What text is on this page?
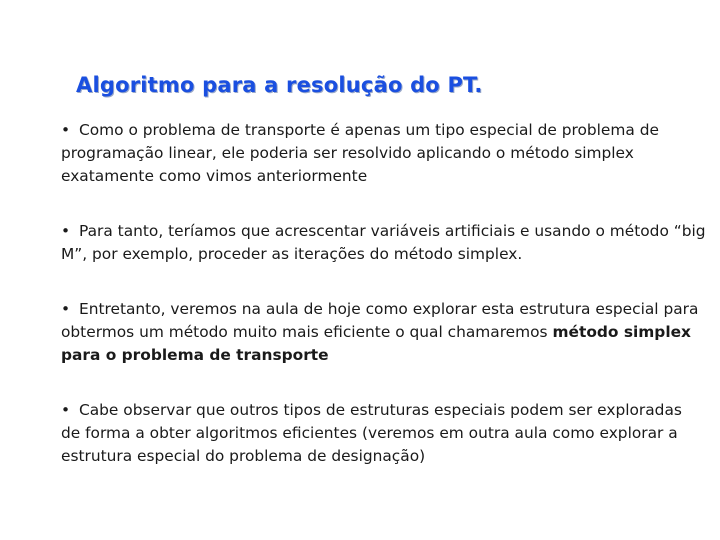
Algoritmo para a resolução do PT.
• Como o problema de transporte é apenas um tipo especial de problema de programação linear, ele poderia ser resolvido aplicando o método simplex exatamente como vimos anteriormente
• Para tanto, teríamos que acrescentar variáveis artificiais e usando o método “big M”, por exemplo, proceder as iterações do método simplex.
• Entretanto, veremos na aula de hoje como explorar esta estrutura especial para obtermos um método muito mais eficiente o qual chamaremos método simplex para o problema de transporte
• Cabe observar que outros tipos de estruturas especiais podem ser exploradas de forma a obter algoritmos eficientes (veremos em outra aula como explorar a estrutura especial do problema de designação)
